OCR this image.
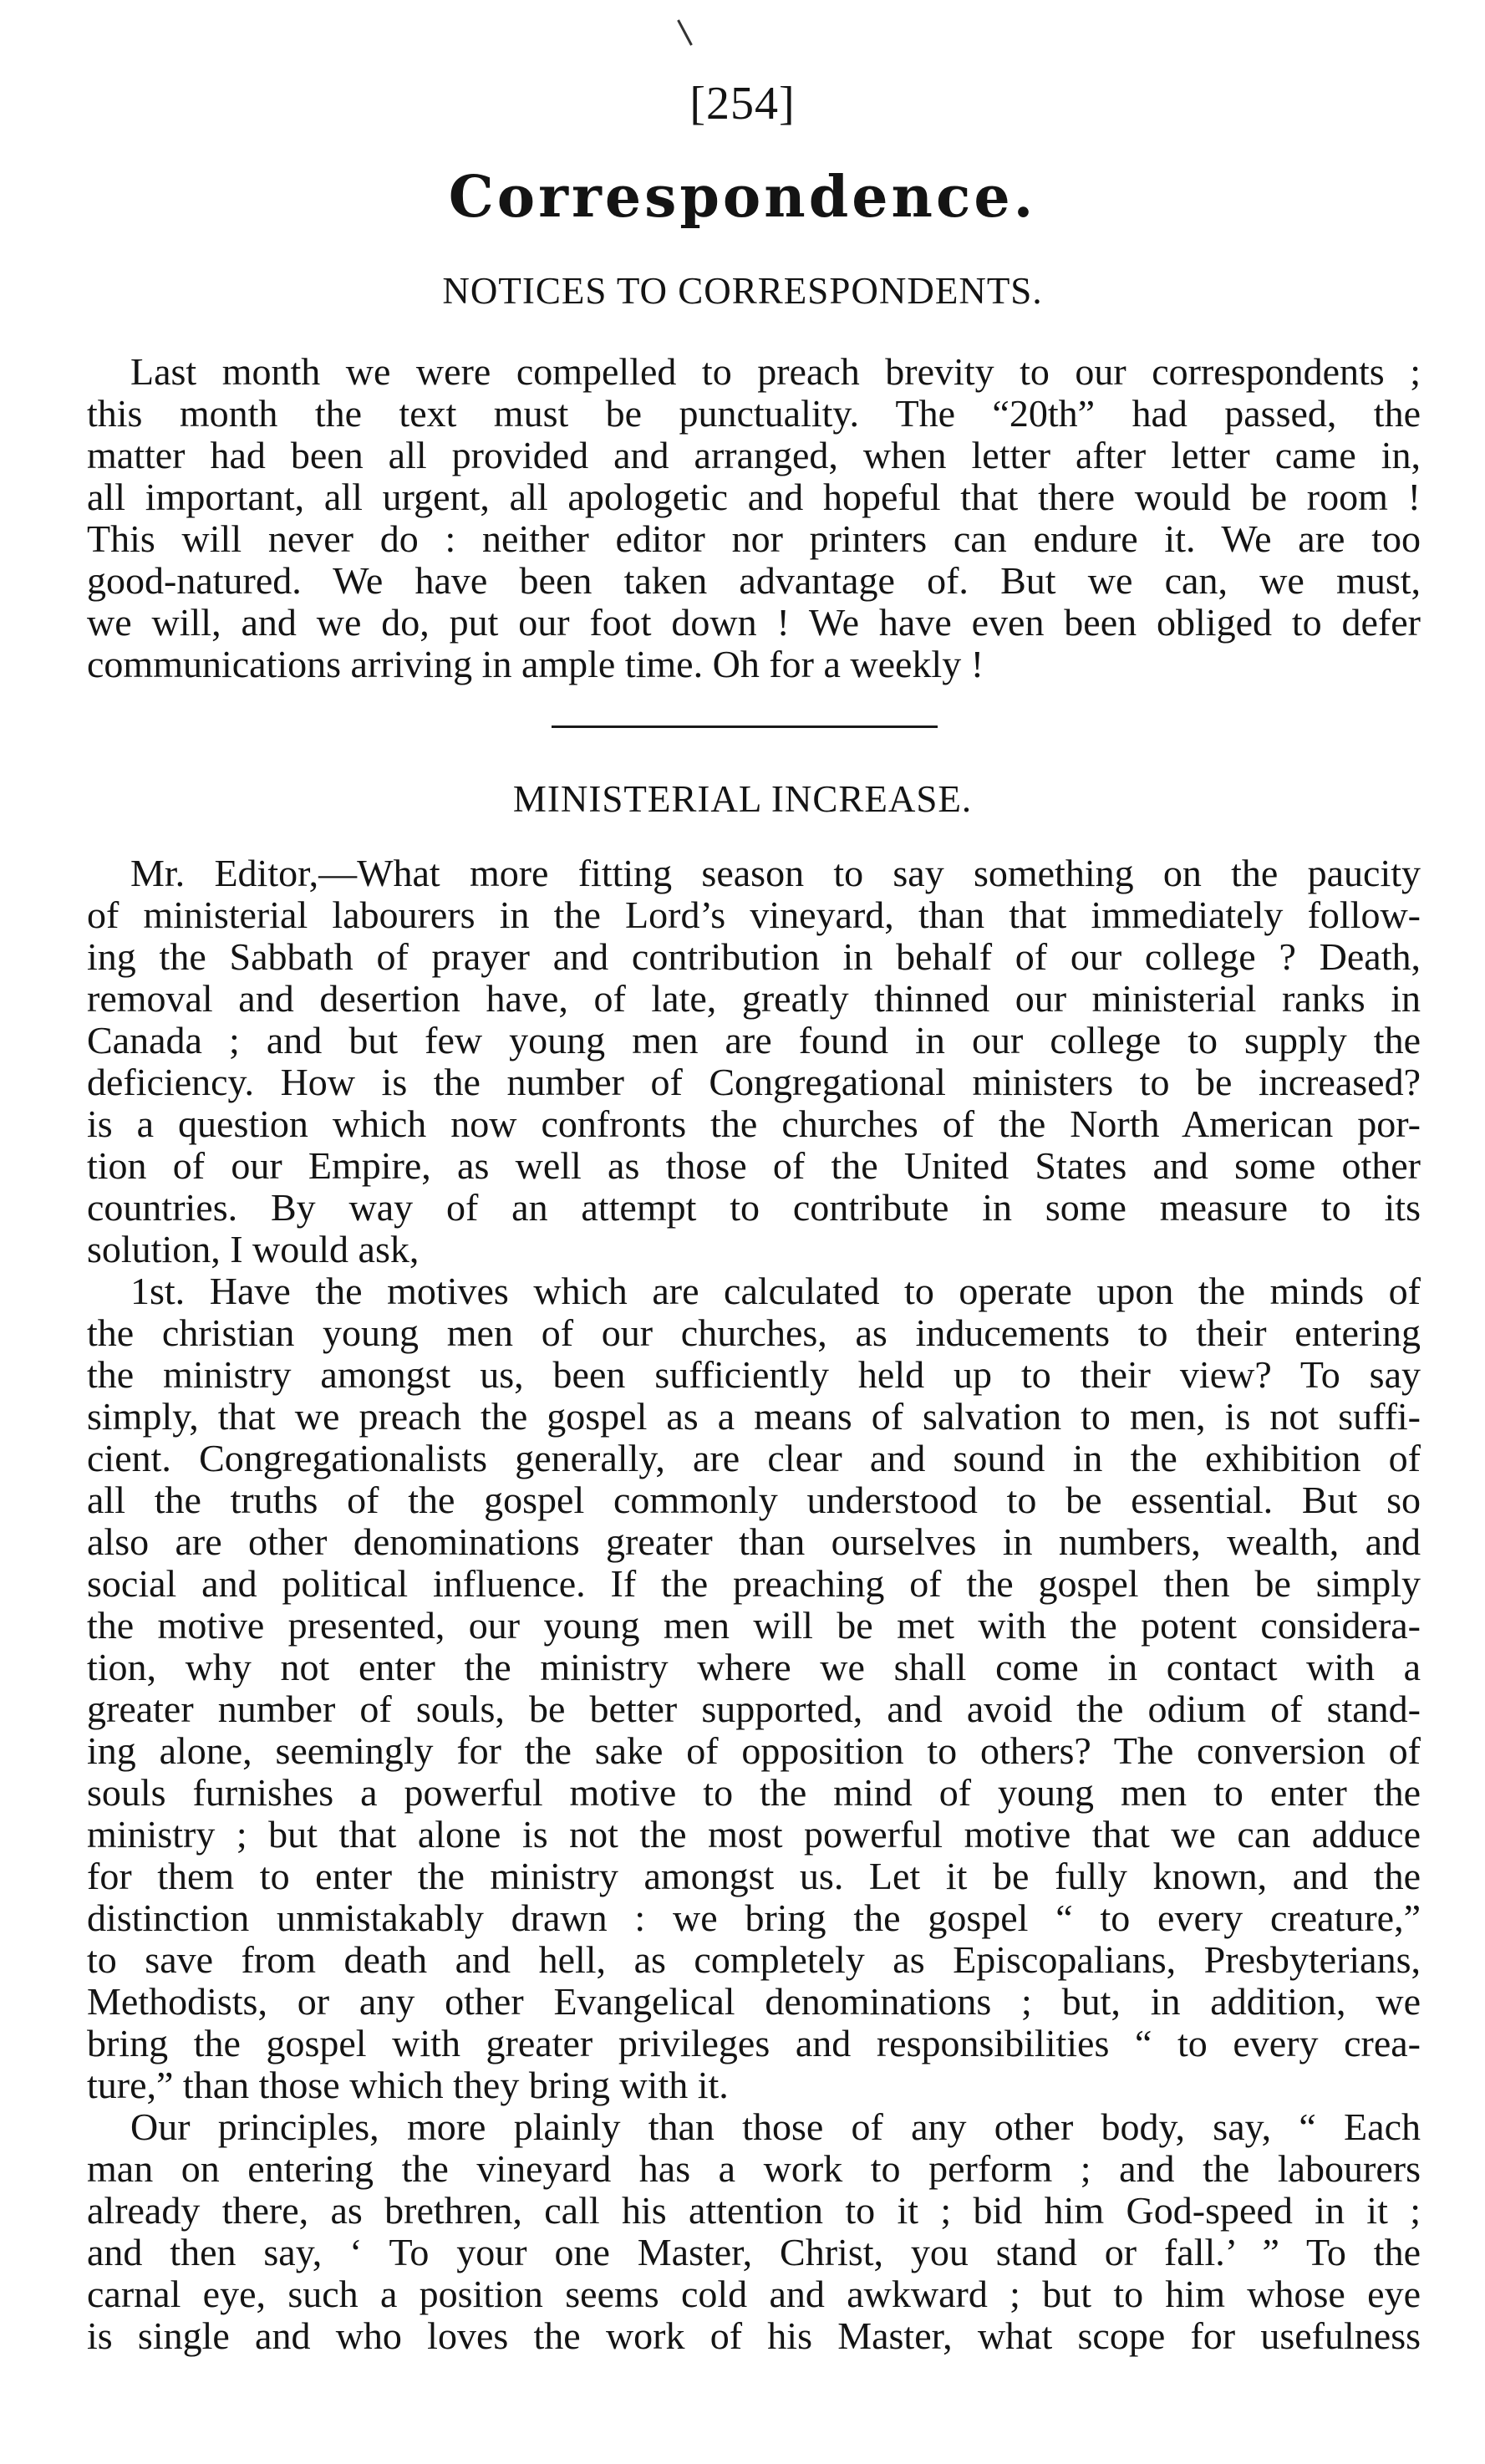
[254]
Correspondence.
NOTICES TO CORRESPONDENTS.
Last month we were compelled to preach brevity to our correspondents ;
this month the text must be punctuality. The “20th” had passed, the
matter had been all provided and arranged, when letter after letter came in,
all important, all urgent, all apologetic and hopeful that there would be room !
This will never do : neither editor nor printers can endure it. We are too
good-natured. We have been taken advantage of. But we can, we must,
we will, and we do, put our foot down ! We have even been obliged to defer
communications arriving in ample time. Oh for a weekly !
MINISTERIAL INCREASE.
Mr. Editor,—What more fitting season to say something on the paucity
of ministerial labourers in the Lord’s vineyard, than that immediately follow-
ing the Sabbath of prayer and contribution in behalf of our college ? Death,
removal and desertion have, of late, greatly thinned our ministerial ranks in
Canada ; and but few young men are found in our college to supply the
deficiency. How is the number of Congregational ministers to be increased?
is a question which now confronts the churches of the North American por-
tion of our Empire, as well as those of the United States and some other
countries. By way of an attempt to contribute in some measure to its
solution, I would ask,
1st. Have the motives which are calculated to operate upon the minds of
the christian young men of our churches, as inducements to their entering
the ministry amongst us, been sufficiently held up to their view? To say
simply, that we preach the gospel as a means of salvation to men, is not suffi-
cient. Congregationalists generally, are clear and sound in the exhibition of
all the truths of the gospel commonly understood to be essential. But so
also are other denominations greater than ourselves in numbers, wealth, and
social and political influence. If the preaching of the gospel then be simply
the motive presented, our young men will be met with the potent considera-
tion, why not enter the ministry where we shall come in contact with a
greater number of souls, be better supported, and avoid the odium of stand-
ing alone, seemingly for the sake of opposition to others? The conversion of
souls furnishes a powerful motive to the mind of young men to enter the
ministry ; but that alone is not the most powerful motive that we can adduce
for them to enter the ministry amongst us. Let it be fully known, and the
distinction unmistakably drawn : we bring the gospel “ to every creature,”
to save from death and hell, as completely as Episcopalians, Presbyterians,
Methodists, or any other Evangelical denominations ; but, in addition, we
bring the gospel with greater privileges and responsibilities “ to every crea-
ture,” than those which they bring with it.
Our principles, more plainly than those of any other body, say, “ Each
man on entering the vineyard has a work to perform ; and the labourers
already there, as brethren, call his attention to it ; bid him God-speed in it ;
and then say, ‘ To your one Master, Christ, you stand or fall.’ ” To the
carnal eye, such a position seems cold and awkward ; but to him whose eye
is single and who loves the work of his Master, what scope for usefulness
